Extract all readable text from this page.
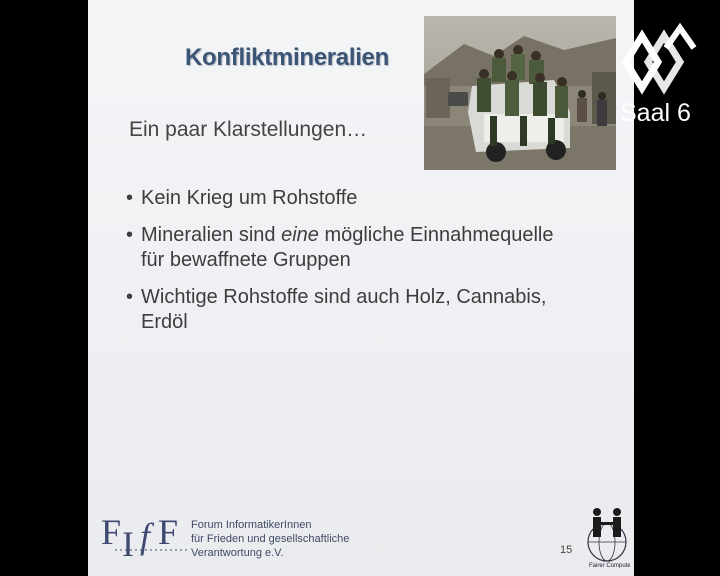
Konfliktmineralien
Ein paar Klarstellungen…
• Kein Krieg um Rohstoffe
• Mineralien sind eine mögliche Einnahmequelle
für bewaffnete Gruppen
• Wichtige Rohstoffe sind auch Holz, Cannabis, Erdöl
F I f F Forum InformatikerInnen
für Frieden und gesellschaftliche
Verantwortung e.V.	15
Fairer Computer
Saal 6
